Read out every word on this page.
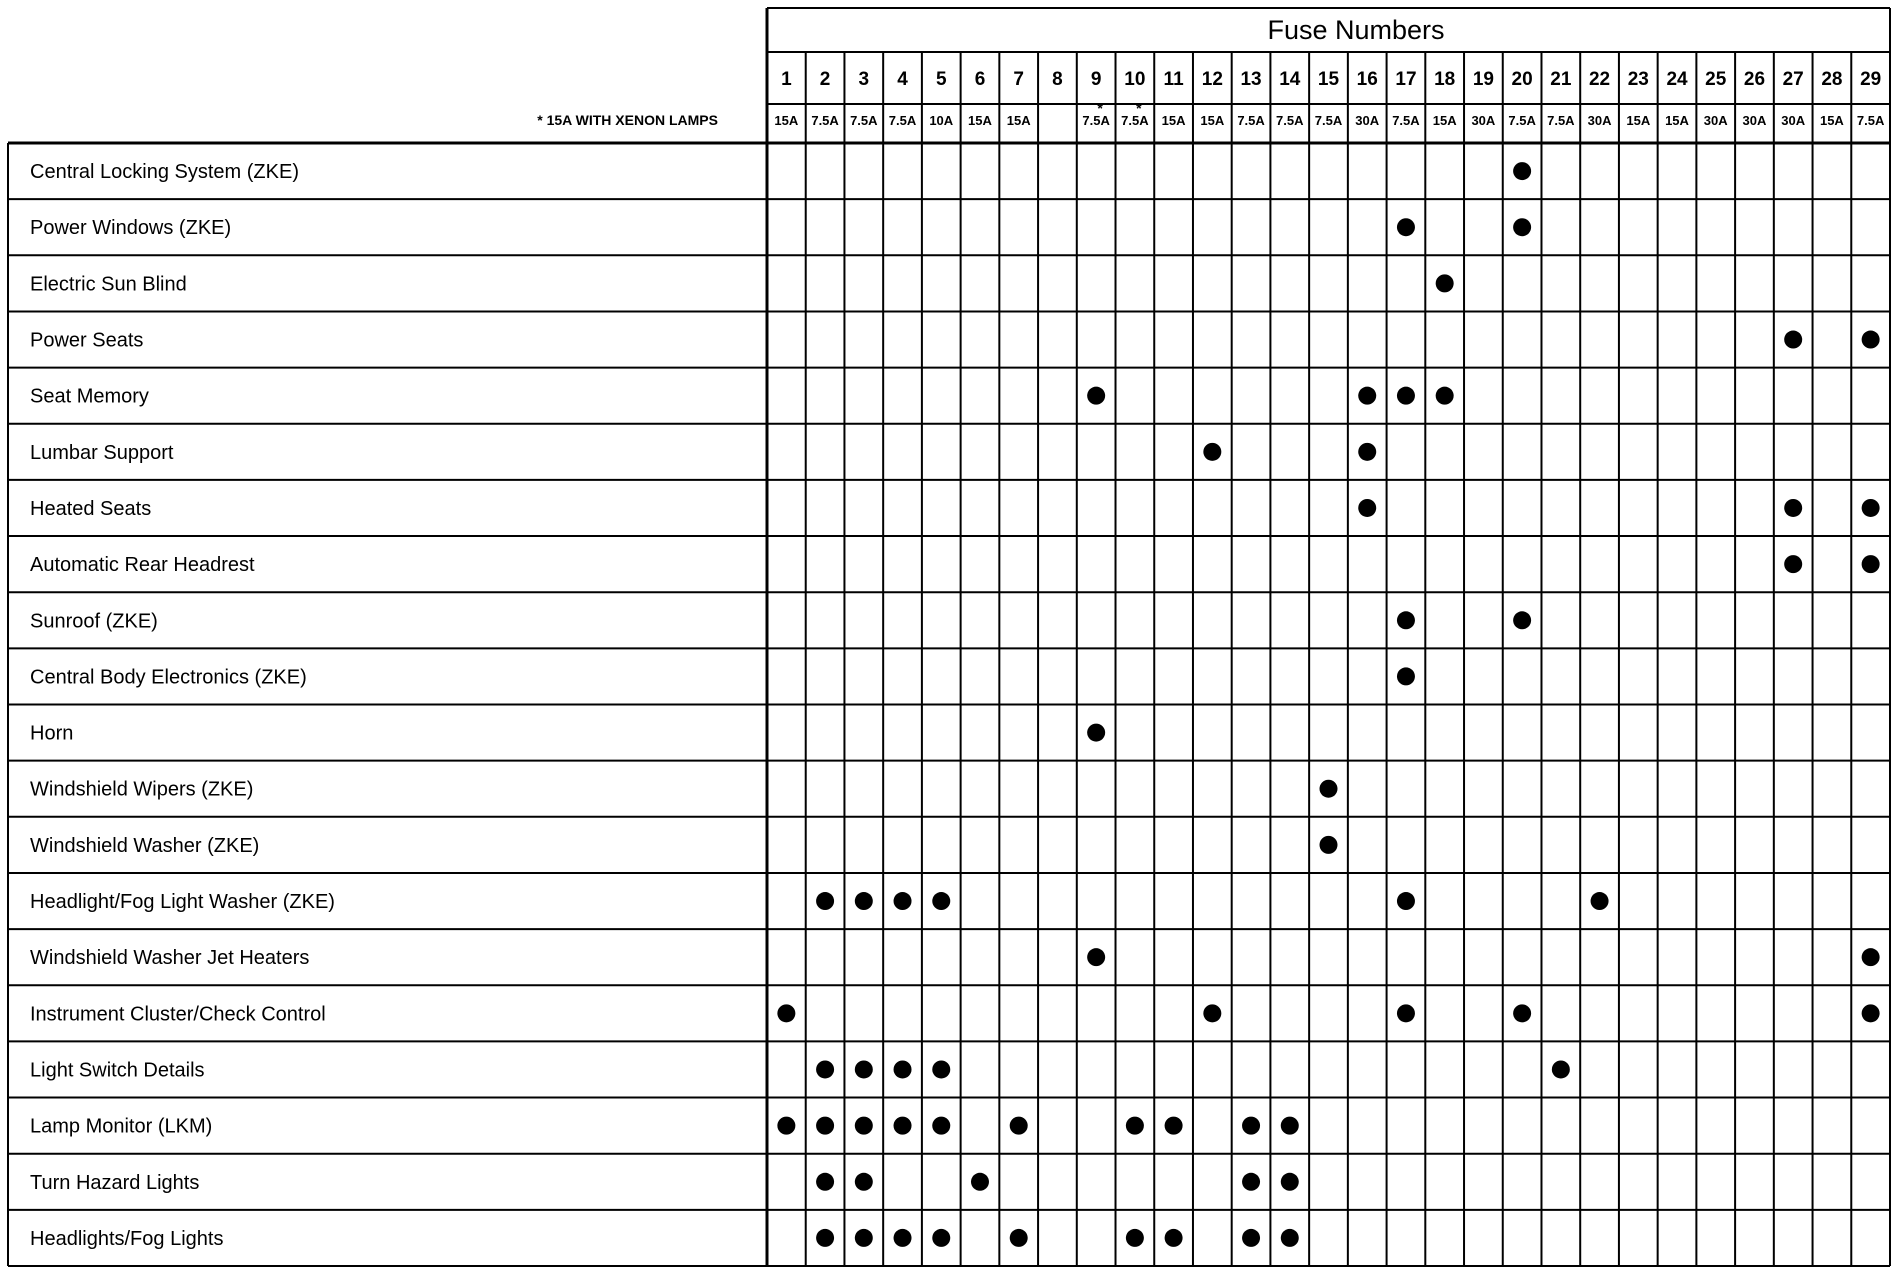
Fuse Numbers
* 15A WITH XENON LAMPS
1 2 3 4 5 6 7 8 9 10 11 12 13 14 15 16 17 18 19 20 21 22 23 24 25 26 27 28 29
15A 7.5A 7.5A 7.5A 10A 15A 15A	7.5A
*
7.5A
*
15A 15A 7.5A 7.5A 7.5A 30A 7.5A 15A 30A 7.5A 7.5A 30A 15A 15A 30A 30A 30A 15A 7.5A
Central Locking System (ZKE)
Power Windows (ZKE)
Electric Sun Blind
Power Seats
Seat Memory
Lumbar Support
Heated Seats
Automatic Rear Headrest
Sunroof (ZKE)
Central Body Electronics (ZKE)
Horn
Windshield Wipers (ZKE)
Windshield Washer (ZKE)
Headlight/Fog Light Washer (ZKE)
Windshield Washer Jet Heaters
Instrument Cluster/Check Control
Light Switch Details
Lamp Monitor (LKM)
Turn Hazard Lights
Headlights/Fog Lights
